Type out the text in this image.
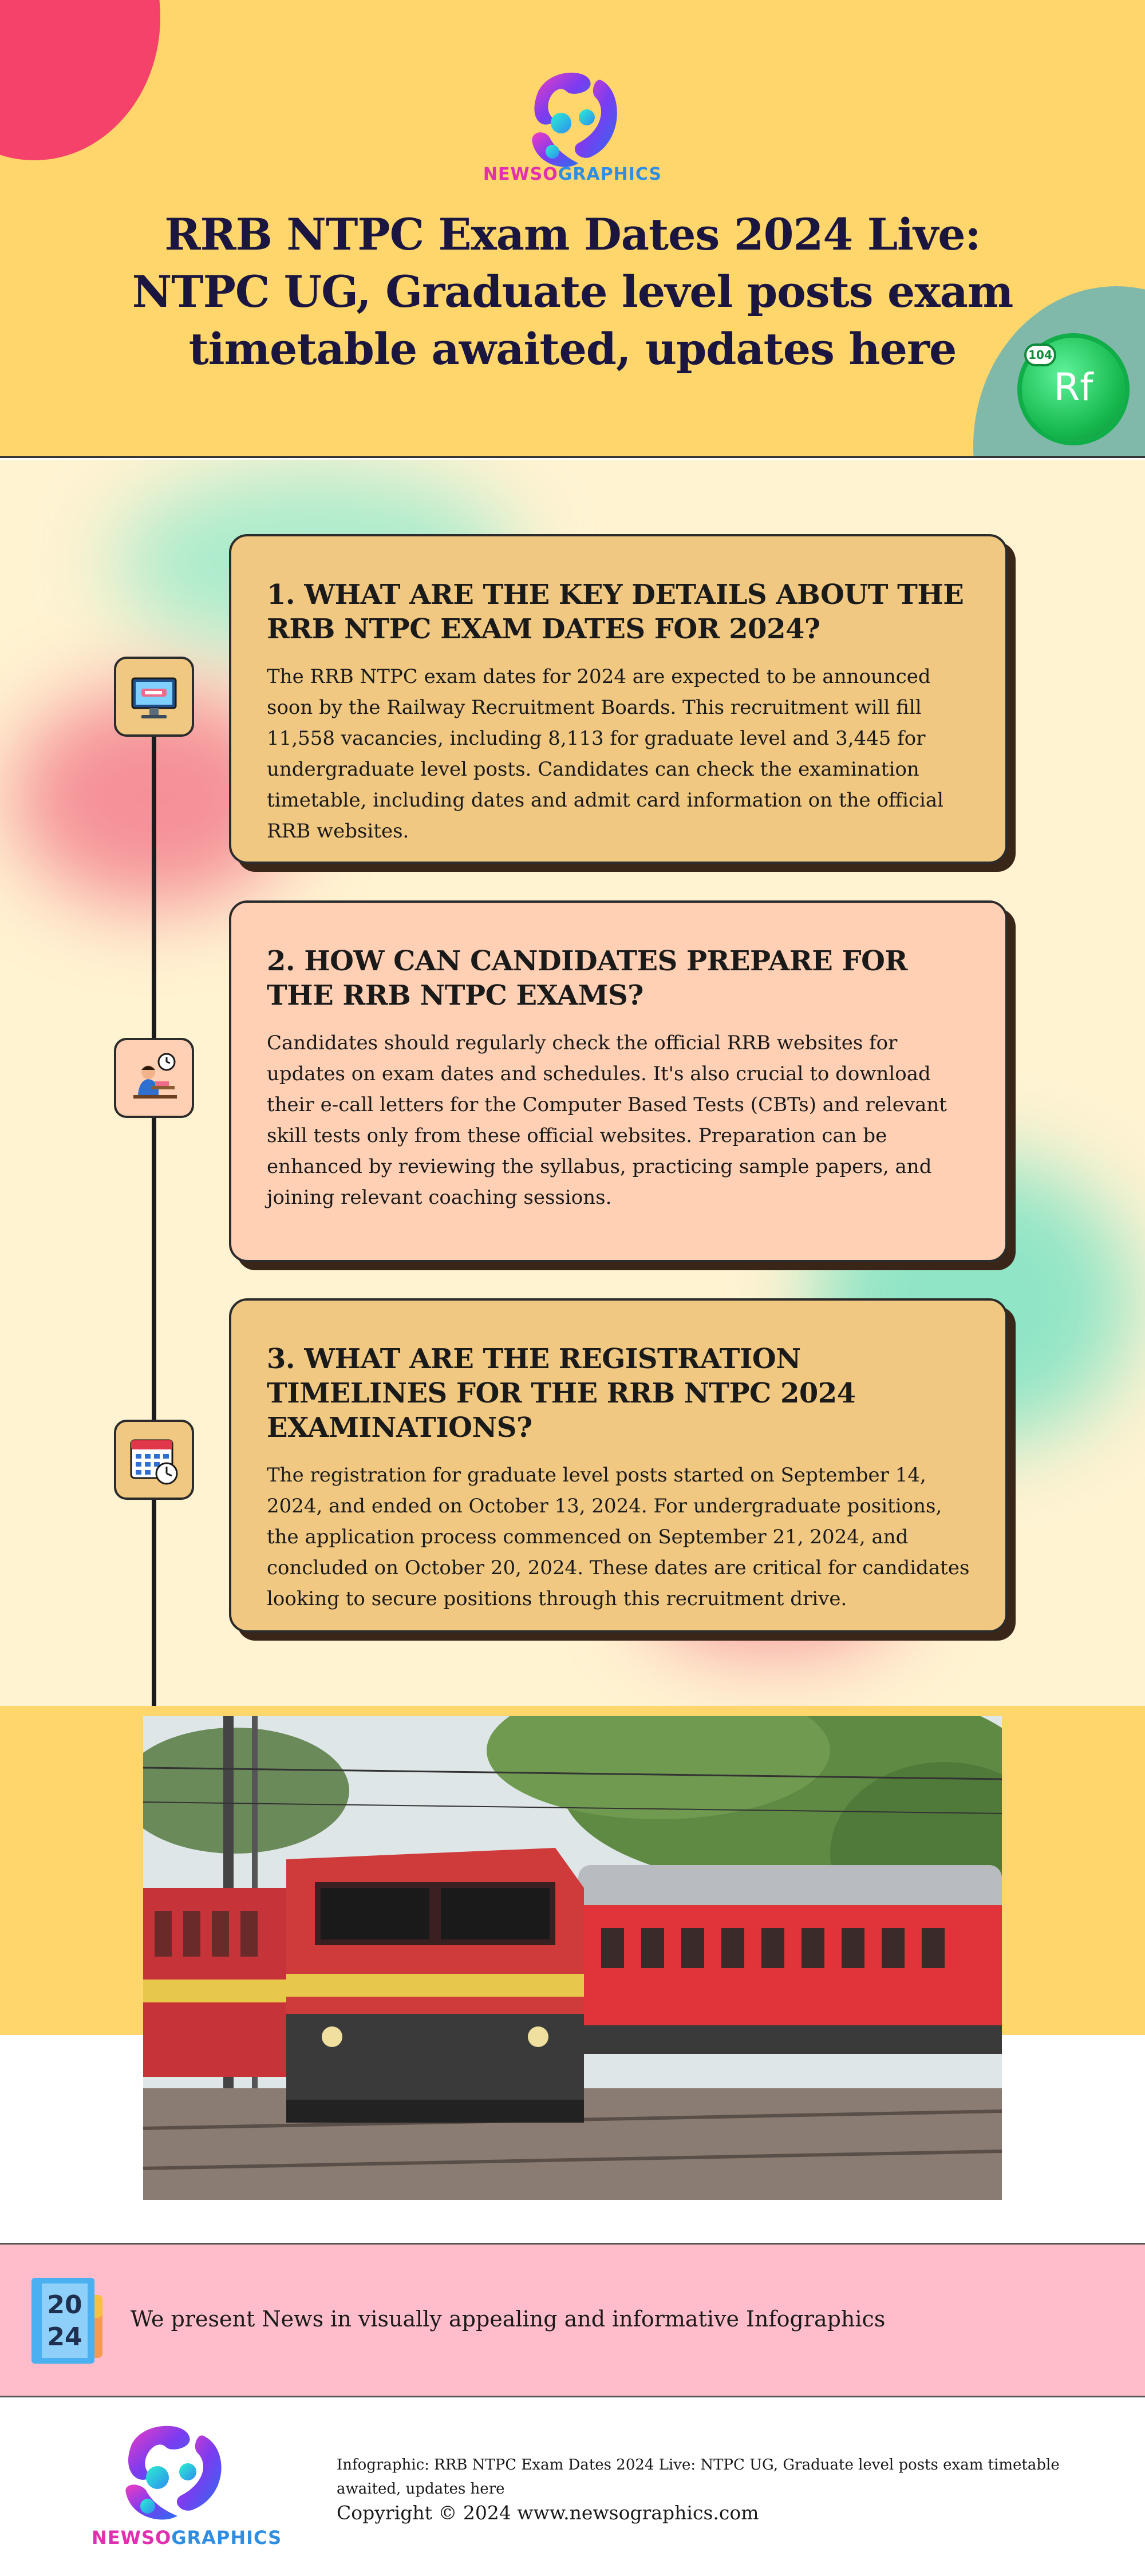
NEWSOGRAPHICS
RRB NTPC Exam Dates 2024 Live: NTPC UG, Graduate level posts exam timetable awaited, updates here
Rf
104
1. WHAT ARE THE KEY DETAILS ABOUT THE RRB NTPC EXAM DATES FOR 2024?

The RRB NTPC exam dates for 2024 are expected to be announced soon by the Railway Recruitment Boards. This recruitment will fill 11,558 vacancies, including 8,113 for graduate level and 3,445 for undergraduate level posts. Candidates can check the examination timetable, including dates and admit card information on the official RRB websites.

2. HOW CAN CANDIDATES PREPARE FOR THE RRB NTPC EXAMS?

Candidates should regularly check the official RRB websites for updates on exam dates and schedules. It's also crucial to download their e-call letters for the Computer Based Tests (CBTs) and relevant skill tests only from these official websites. Preparation can be enhanced by reviewing the syllabus, practicing sample papers, and joining relevant coaching sessions.

3. WHAT ARE THE REGISTRATION TIMELINES FOR THE RRB NTPC 2024 EXAMINATIONS?

The registration for graduate level posts started on September 14, 2024, and ended on October 13, 2024. For undergraduate positions, the application process commenced on September 21, 2024, and concluded on October 20, 2024. These dates are critical for candidates looking to secure positions through this recruitment drive.

20
24
We present News in visually appealing and informative Infographics
NEWSOGRAPHICS
Infographic: RRB NTPC Exam Dates 2024 Live: NTPC UG, Graduate level posts exam timetable awaited, updates here
Copyright © 2024 www.newsographics.com
